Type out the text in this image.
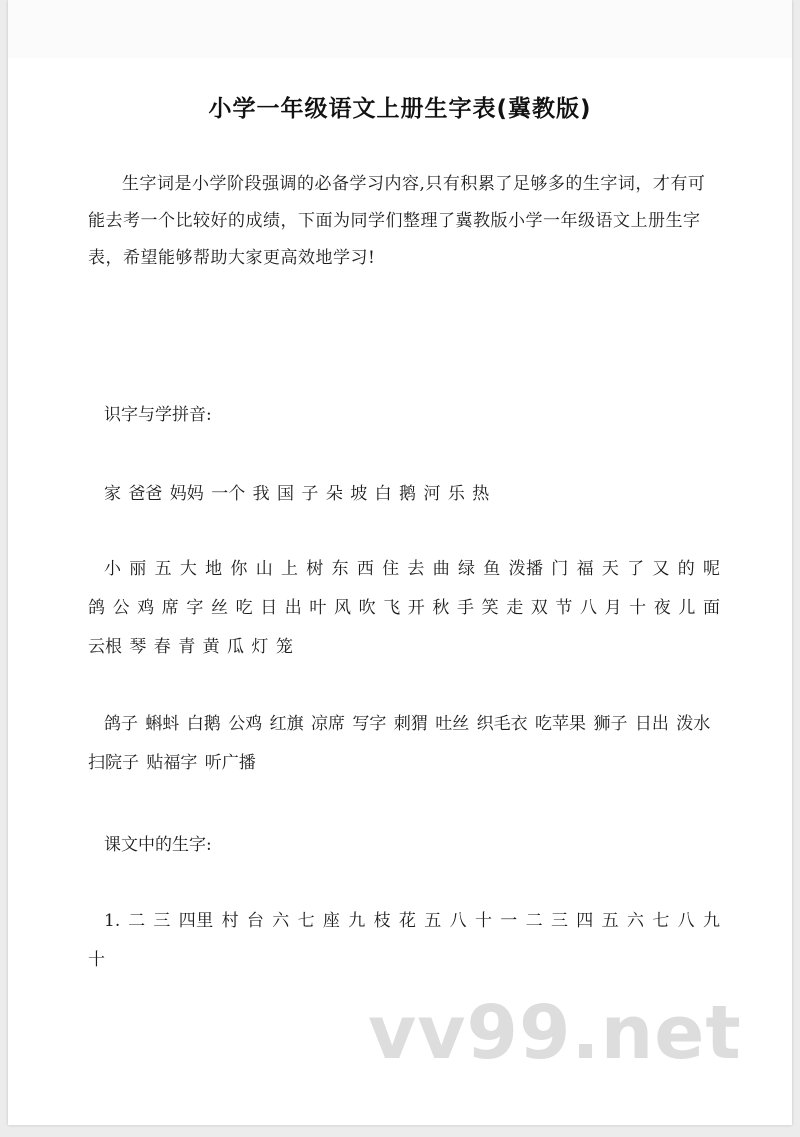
小学一年级语文上册生字表(冀教版)

生字词是小学阶段强调的必备学习内容,只有积累了足够多的生字词，才有可能去考一个比较好的成绩，下面为同学们整理了冀教版小学一年级语文上册生字表，希望能够帮助大家更高效地学习!

识字与学拼音:

家 爸爸 妈妈 一个 我 国 子 朵 坡 白 鹅 河 乐 热

小 丽 五 大 地 你 山 上 树 东 西 住 去 曲 绿 鱼 泼播 门 福 天 了 又 的 呢 鸽 公 鸡 席 字 丝 吃 日 出 叶 风 吹 飞 开 秋 手 笑 走 双 节 八 月 十 夜 儿 面 云根 琴 春 青 黄 瓜 灯 笼

鸽子 蝌蚪 白鹅 公鸡 红旗 凉席 写字 刺猬 吐丝 织毛衣 吃苹果 狮子 日出 泼水 扫院子 贴福字 听广播

课文中的生字:

1. 二 三 四里 村 台 六 七 座 九 枝 花 五 八 十 一 二 三 四 五 六 七 八 九 十

vv99.net
